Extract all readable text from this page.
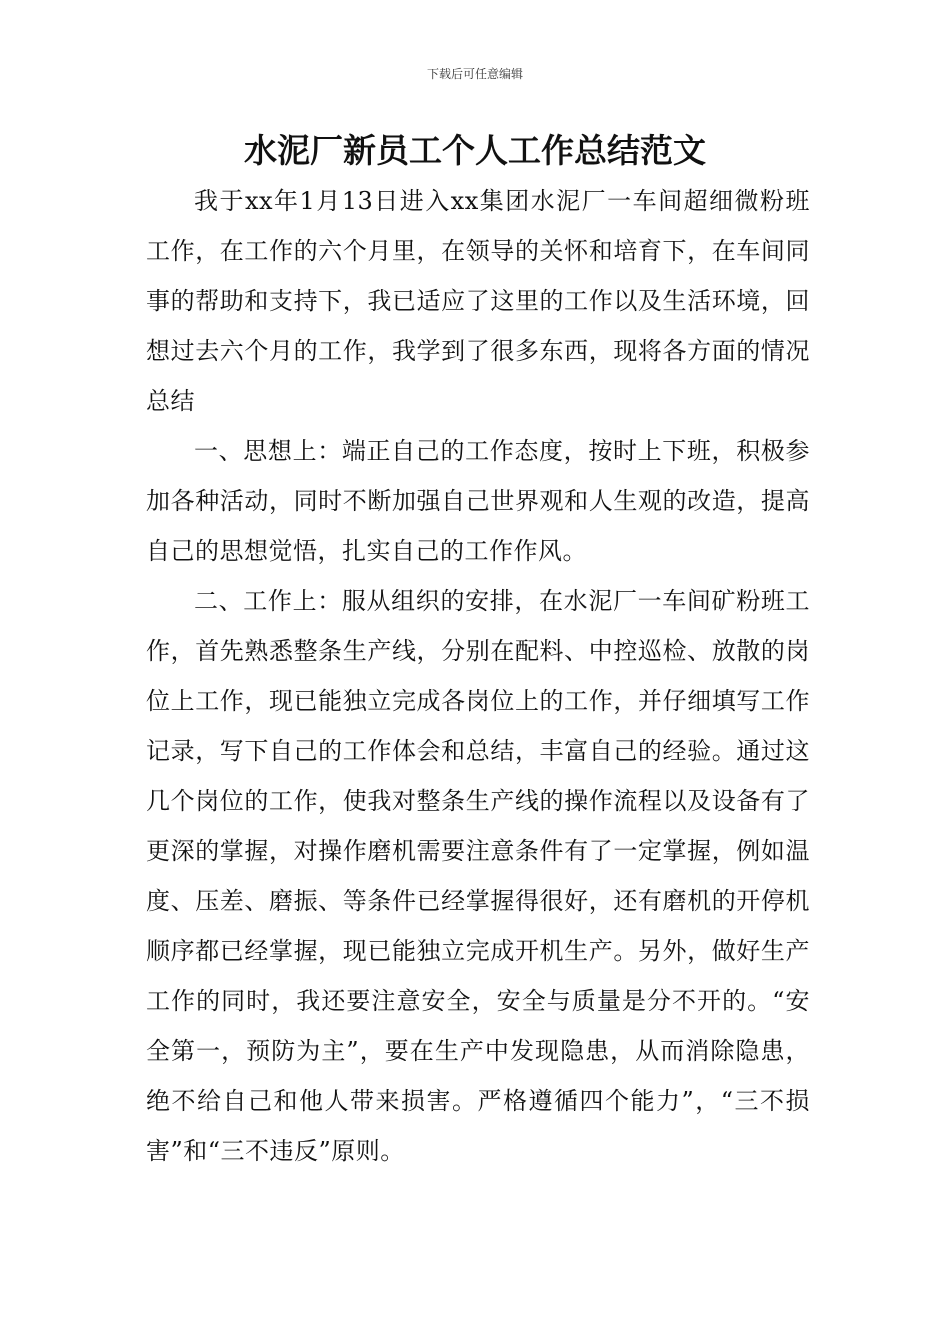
下载后可任意编辑
水泥厂新员工个人工作总结范文

我于xx年1月13日进入xx集团水泥厂一车间超细微粉班工作，在工作的六个月里，在领导的关怀和培育下，在车间同事的帮助和支持下，我已适应了这里的工作以及生活环境，回想过去六个月的工作，我学到了很多东西，现将各方面的情况总结

一、思想上：端正自己的工作态度，按时上下班，积极参加各种活动，同时不断加强自己世界观和人生观的改造，提高自己的思想觉悟，扎实自己的工作作风。

二、工作上：服从组织的安排，在水泥厂一车间矿粉班工作，首先熟悉整条生产线，分别在配料、中控巡检、放散的岗位上工作，现已能独立完成各岗位上的工作，并仔细填写工作记录，写下自己的工作体会和总结，丰富自己的经验。通过这几个岗位的工作，使我对整条生产线的操作流程以及设备有了更深的掌握，对操作磨机需要注意条件有了一定掌握，例如温度、压差、磨振、等条件已经掌握得很好，还有磨机的开停机顺序都已经掌握，现已能独立完成开机生产。另外，做好生产工作的同时，我还要注意安全，安全与质量是分不开的。“安全第一，预防为主”，要在生产中发现隐患，从而消除隐患，绝不给自己和他人带来损害。严格遵循四个能力”，“三不损害”和“三不违反”原则。
